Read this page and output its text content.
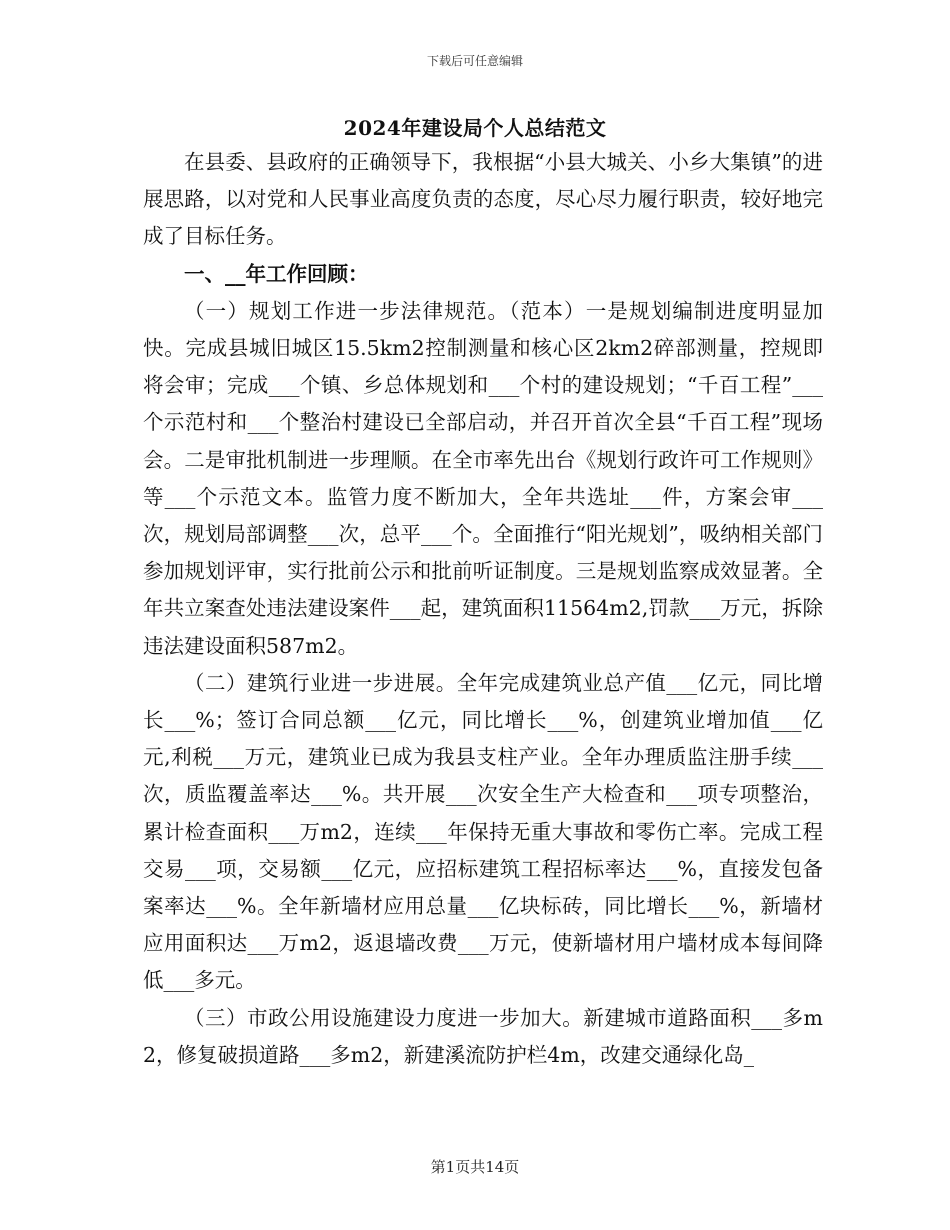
下载后可任意编辑
2024年建设局个人总结范文

在县委、县政府的正确领导下，我根据“小县大城关、小乡大集镇”的进展思路，以对党和人民事业高度负责的态度，尽心尽力履行职责，较好地完成了目标任务。

一、__年工作回顾：

（一）规划工作进一步法律规范。（范本）一是规划编制进度明显加快。完成县城旧城区15.5km2控制测量和核心区2km2碎部测量，控规即将会审；完成___个镇、乡总体规划和___个村的建设规划；“千百工程”___个示范村和___个整治村建设已全部启动，并召开首次全县“千百工程”现场会。二是审批机制进一步理顺。在全市率先出台《规划行政许可工作规则》等___个示范文本。监管力度不断加大，全年共选址___件，方案会审___次，规划局部调整___次，总平___个。全面推行“阳光规划”，吸纳相关部门参加规划评审，实行批前公示和批前听证制度。三是规划监察成效显著。全年共立案查处违法建设案件___起，建筑面积11564m2,罚款___万元，拆除违法建设面积587m2。

（二）建筑行业进一步进展。全年完成建筑业总产值___亿元，同比增长___%；签订合同总额___亿元，同比增长___%，创建筑业增加值___亿元,利税___万元，建筑业已成为我县支柱产业。全年办理质监注册手续___次，质监覆盖率达___%。共开展___次安全生产大检查和___项专项整治，累计检查面积___万m2，连续___年保持无重大事故和零伤亡率。完成工程交易___项，交易额___亿元，应招标建筑工程招标率达___%，直接发包备案率达___%。全年新墙材应用总量___亿块标砖，同比增长___%，新墙材应用面积达___万m2，返退墙改费___万元，使新墙材用户墙材成本每间降低___多元。

（三）市政公用设施建设力度进一步加大。新建城市道路面积___多m2，修复破损道路___多m2，新建溪流防护栏4m，改建交通绿化岛_

第1页共14页
